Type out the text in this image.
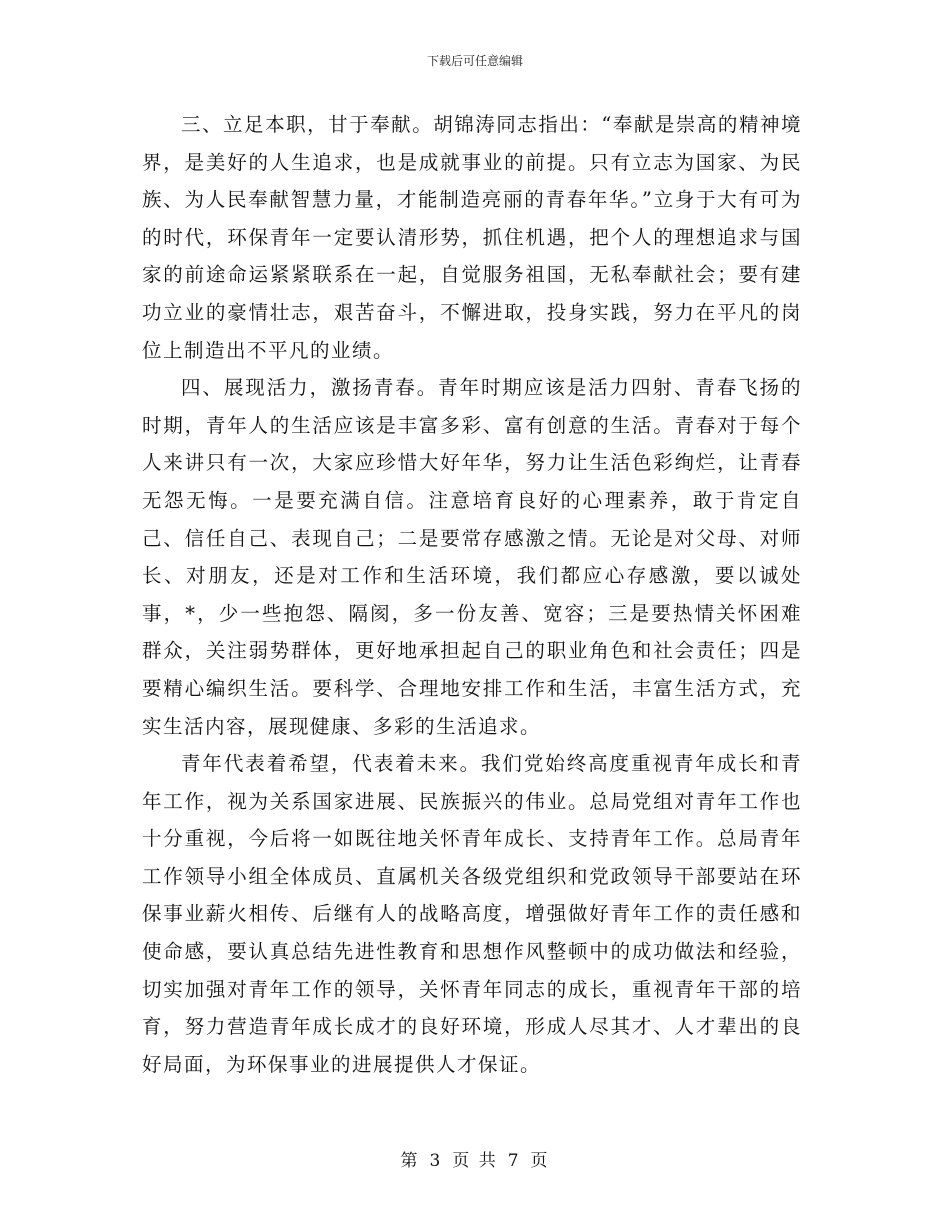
下载后可任意编辑

三、立足本职，甘于奉献。胡锦涛同志指出：“奉献是崇高的精神境界，是美好的人生追求，也是成就事业的前提。只有立志为国家、为民族、为人民奉献智慧力量，才能制造亮丽的青春年华。”立身于大有可为的时代，环保青年一定要认清形势，抓住机遇，把个人的理想追求与国家的前途命运紧紧联系在一起，自觉服务祖国，无私奉献社会；要有建功立业的豪情壮志，艰苦奋斗，不懈进取，投身实践，努力在平凡的岗位上制造出不平凡的业绩。

四、展现活力，激扬青春。青年时期应该是活力四射、青春飞扬的时期，青年人的生活应该是丰富多彩、富有创意的生活。青春对于每个人来讲只有一次，大家应珍惜大好年华，努力让生活色彩绚烂，让青春无怨无悔。一是要充满自信。注意培育良好的心理素养，敢于肯定自己、信任自己、表现自己；二是要常存感激之情。无论是对父母、对师长、对朋友，还是对工作和生活环境，我们都应心存感激，要以诚处事，*，少一些抱怨、隔阂，多一份友善、宽容；三是要热情关怀困难群众，关注弱势群体，更好地承担起自己的职业角色和社会责任；四是要精心编织生活。要科学、合理地安排工作和生活，丰富生活方式，充实生活内容，展现健康、多彩的生活追求。

青年代表着希望，代表着未来。我们党始终高度重视青年成长和青年工作，视为关系国家进展、民族振兴的伟业。总局党组对青年工作也十分重视，今后将一如既往地关怀青年成长、支持青年工作。总局青年工作领导小组全体成员、直属机关各级党组织和党政领导干部要站在环保事业薪火相传、后继有人的战略高度，增强做好青年工作的责任感和使命感，要认真总结先进性教育和思想作风整顿中的成功做法和经验，切实加强对青年工作的领导，关怀青年同志的成长，重视青年干部的培育，努力营造青年成长成才的良好环境，形成人尽其才、人才辈出的良好局面，为环保事业的进展提供人才保证。

第 3 页 共 7 页
